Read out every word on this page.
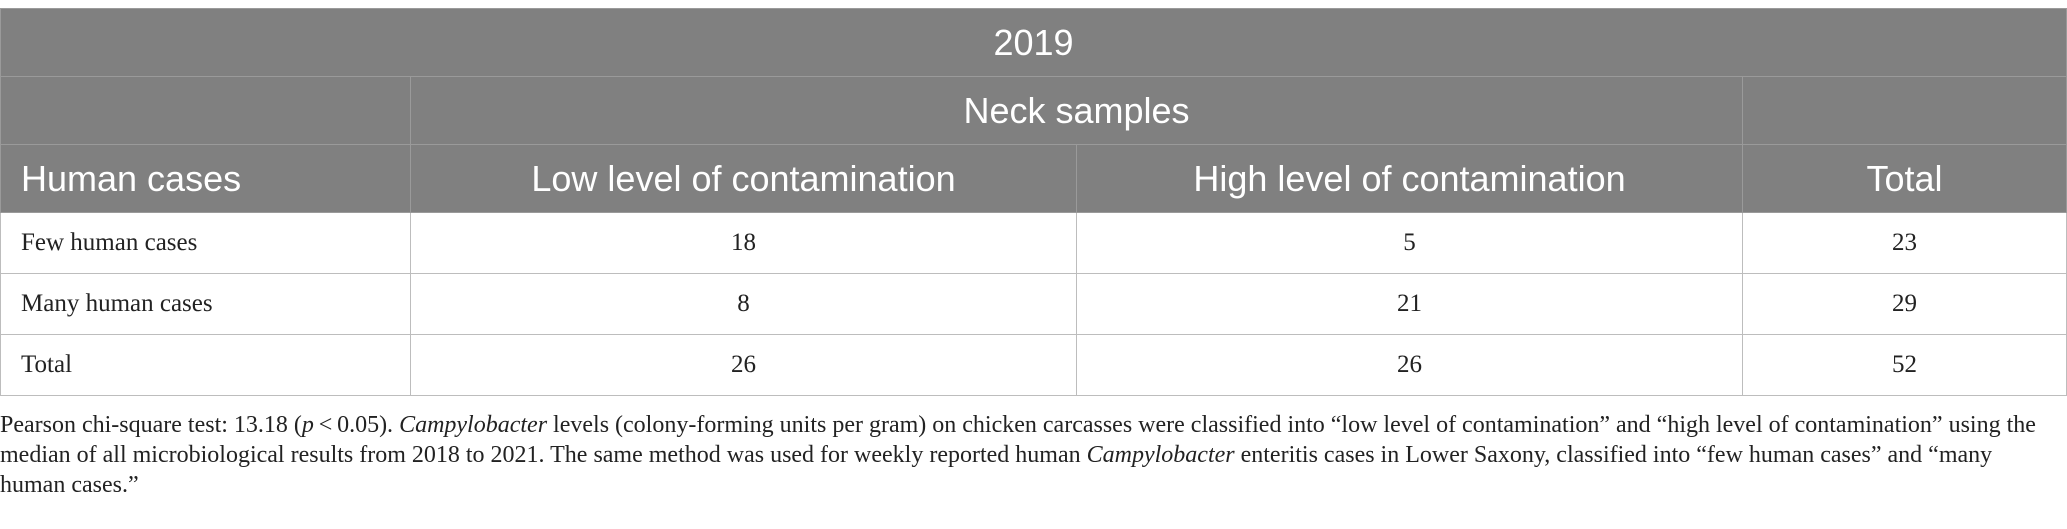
2019			
	Neck samples		
Human cases	Low level of contamination	High level of contamination	Total
Few human cases	18	5	23
Many human cases	8	21	29
Total	26	26	52
Pearson chi-square test: 13.18 (p < 0.05). Campylobacter levels (colony-forming units per gram) on chicken carcasses were classified into “low level of contamination” and “high level of contamination” using the median of all microbiological results from 2018 to 2021. The same method was used for weekly reported human Campylobacter enteritis cases in Lower Saxony, classified into “few human cases” and “many human cases.”
